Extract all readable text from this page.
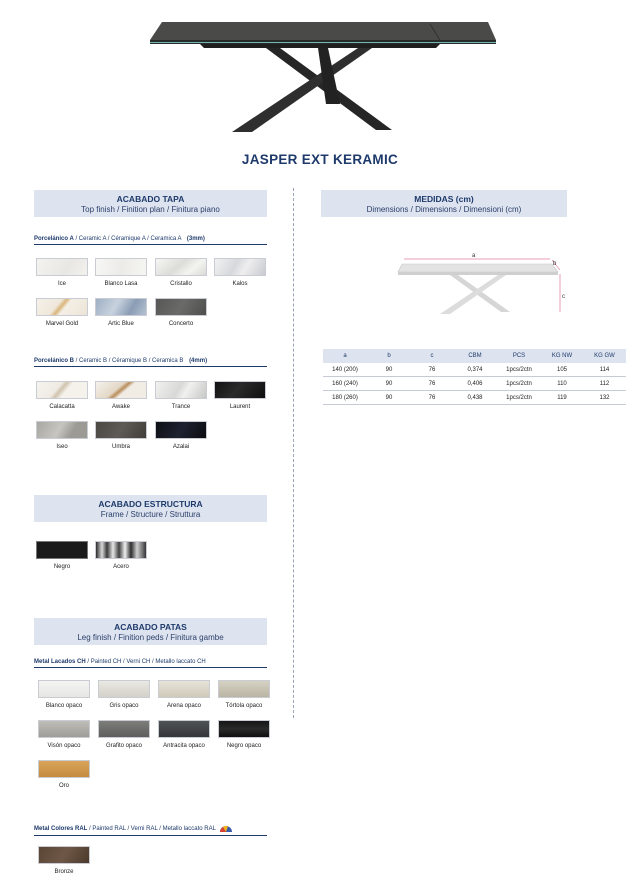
JASPER EXT KERAMIC
ACABADO TAPA
Top finish / Finition plan / Finitura piano
Porcelánico A / Ceramic A / Céramique A / Ceramica A (3mm)
Ice	Blanco Lasa	Cristallo	Kalos
Marvel Gold	Artic Blue	Concerto
Porcelánico B / Ceramic B / Céramique B / Ceramica B (4mm)
Calacatta	Awake	Trance	Laurent
Iseo	Umbra	Azalai
ACABADO ESTRUCTURA
Frame / Structure / Struttura
Negro	Acero
ACABADO PATAS
Leg finish / Finition peds / Finitura gambe
Metal Lacados CH / Painted CH / Verni CH / Metallo laccato CH
Blanco opaco	Gris opaco	Arena opaco	Tórtola opaco
Visón opaco	Grafito opaco	Antracita opaco	Negro opaco
Oro
Metal Colores RAL / Painted RAL / Verni RAL / Metallo laccato RAL
Bronze
MEDIDAS (cm)
Dimensions / Dimensions / Dimensioni (cm)
a
b
c
a	b	c	CBM	PCS	KG NW	KG GW
140 (200)	90	76	0,374	1pcs/2ctn	105	114
160 (240)	90	76	0,406	1pcs/2ctn	110	112
180 (260)	90	76	0,438	1pcs/2ctn	119	132
